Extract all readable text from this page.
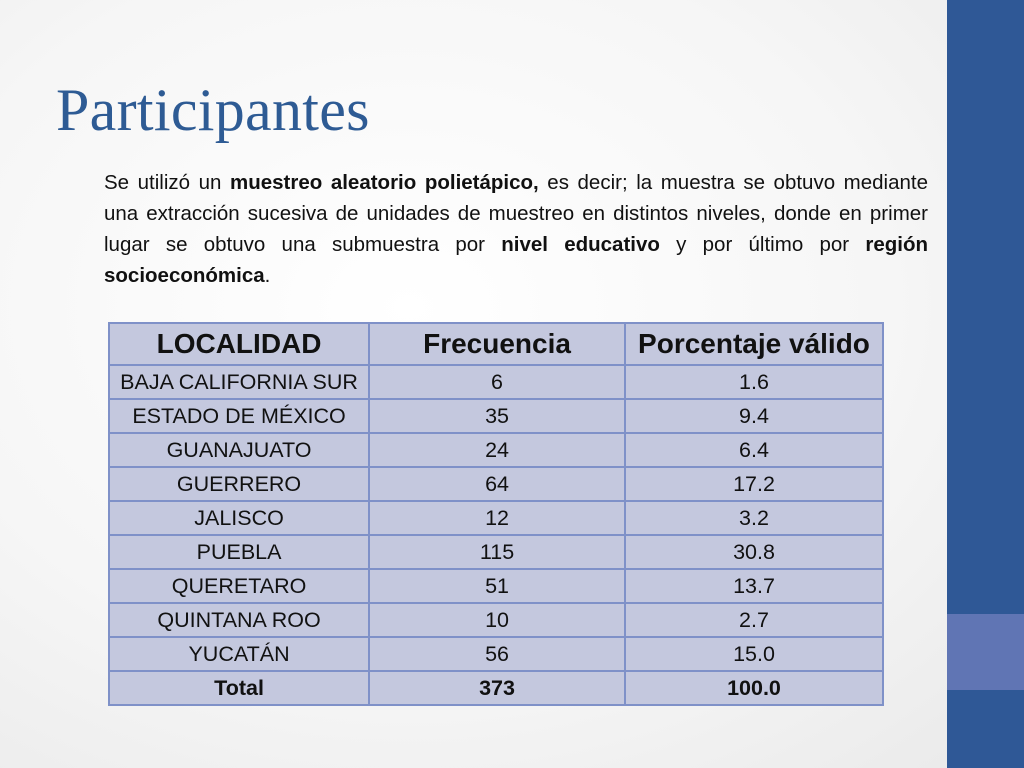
Participantes

Se utilizó un muestreo aleatorio polietápico, es decir; la muestra se obtuvo mediante una extracción sucesiva de unidades de muestreo en distintos niveles, donde en primer lugar se obtuvo una submuestra por nivel educativo y por último por región socioeconómica.

LOCALIDAD	Frecuencia	Porcentaje válido
BAJA CALIFORNIA SUR	6	1.6
ESTADO DE MÉXICO	35	9.4
GUANAJUATO	24	6.4
GUERRERO	64	17.2
JALISCO	12	3.2
PUEBLA	115	30.8
QUERETARO	51	13.7
QUINTANA ROO	10	2.7
YUCATÁN	56	15.0
Total	373	100.0
